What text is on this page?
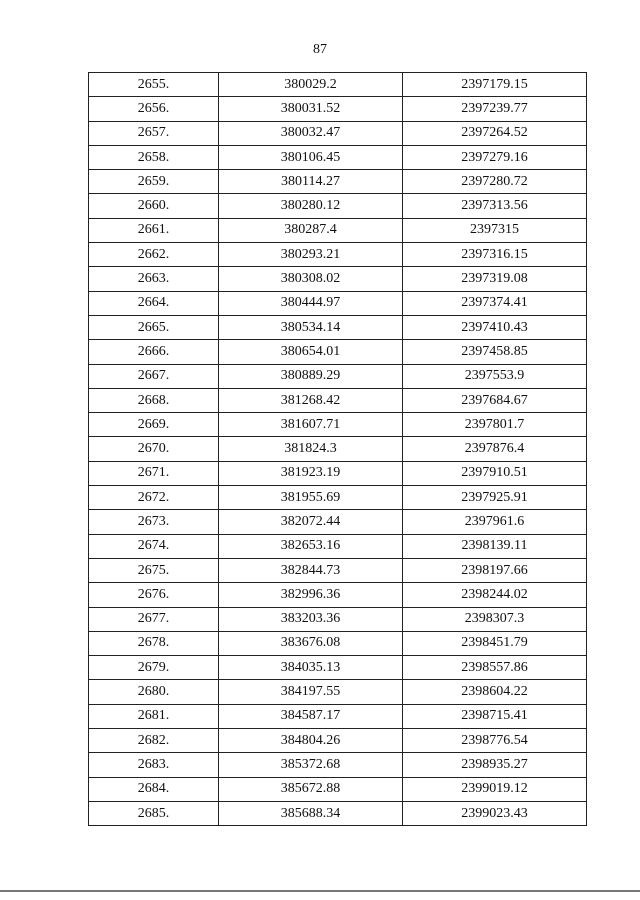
87
2655.	380029.2	2397179.15
2656.	380031.52	2397239.77
2657.	380032.47	2397264.52
2658.	380106.45	2397279.16
2659.	380114.27	2397280.72
2660.	380280.12	2397313.56
2661.	380287.4	2397315
2662.	380293.21	2397316.15
2663.	380308.02	2397319.08
2664.	380444.97	2397374.41
2665.	380534.14	2397410.43
2666.	380654.01	2397458.85
2667.	380889.29	2397553.9
2668.	381268.42	2397684.67
2669.	381607.71	2397801.7
2670.	381824.3	2397876.4
2671.	381923.19	2397910.51
2672.	381955.69	2397925.91
2673.	382072.44	2397961.6
2674.	382653.16	2398139.11
2675.	382844.73	2398197.66
2676.	382996.36	2398244.02
2677.	383203.36	2398307.3
2678.	383676.08	2398451.79
2679.	384035.13	2398557.86
2680.	384197.55	2398604.22
2681.	384587.17	2398715.41
2682.	384804.26	2398776.54
2683.	385372.68	2398935.27
2684.	385672.88	2399019.12
2685.	385688.34	2399023.43
